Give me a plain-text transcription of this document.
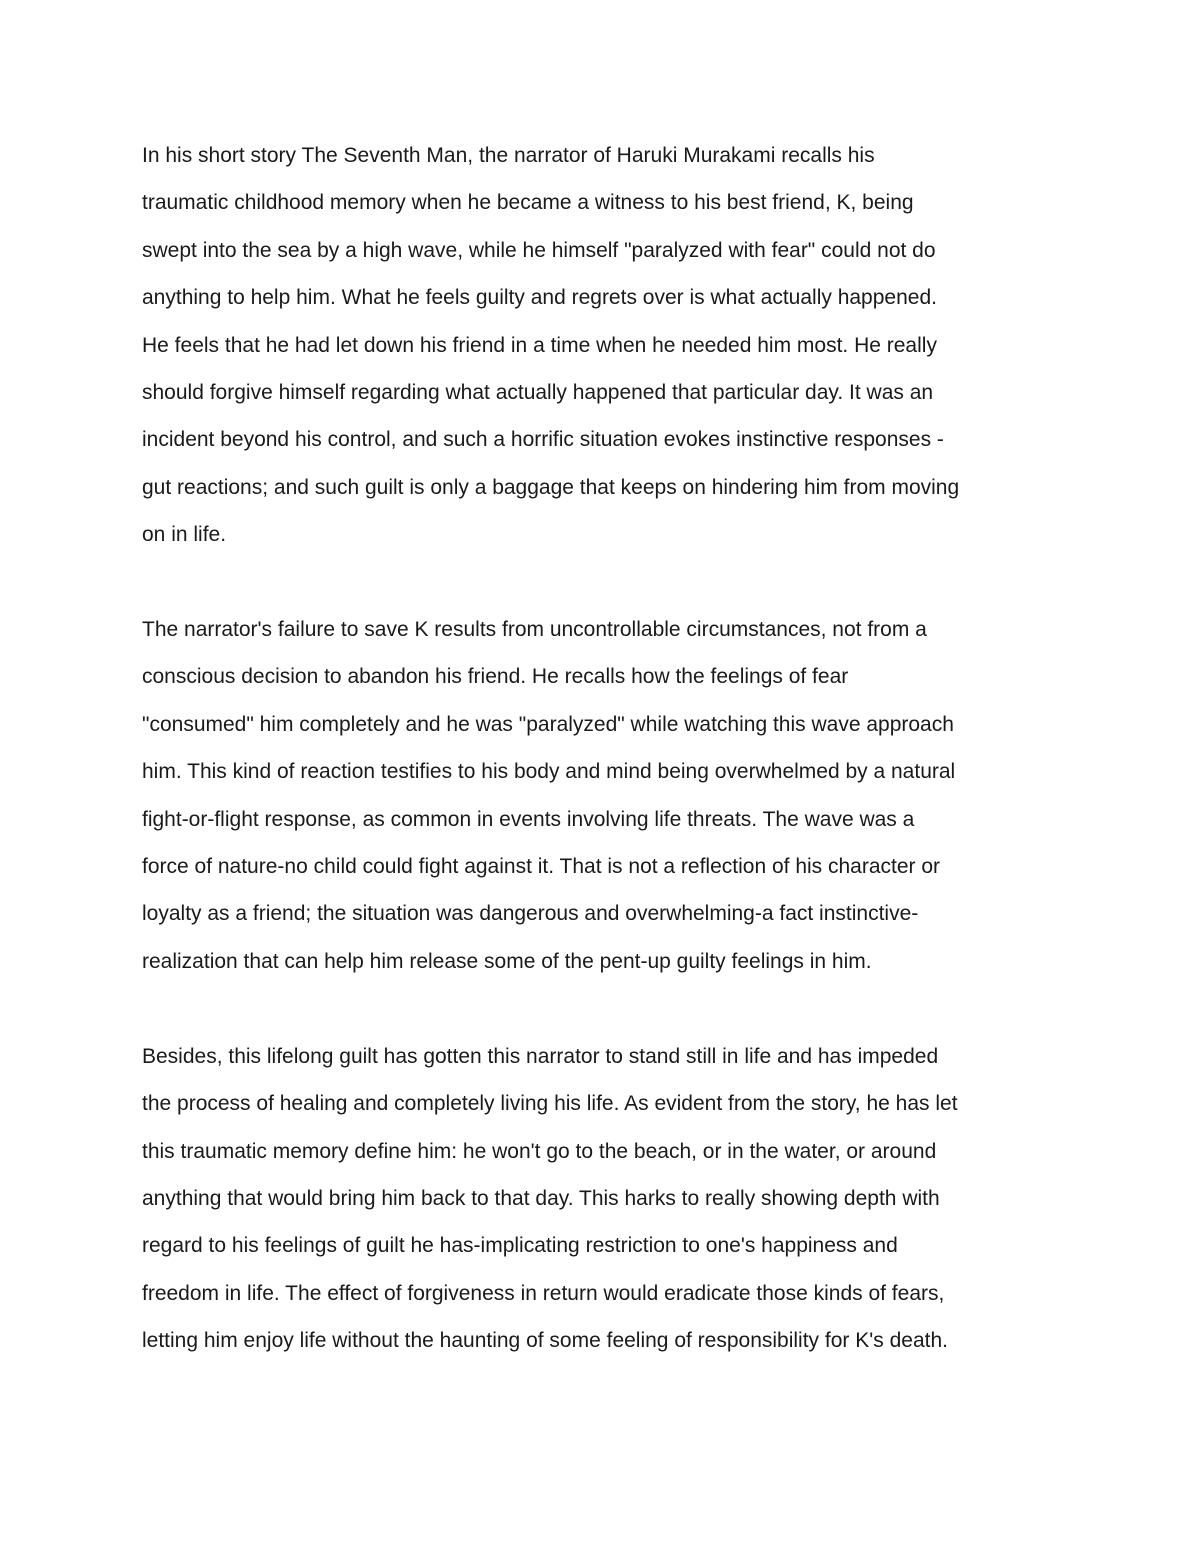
In his short story The Seventh Man, the narrator of Haruki Murakami recalls his
traumatic childhood memory when he became a witness to his best friend, K, being
swept into the sea by a high wave, while he himself "paralyzed with fear" could not do
anything to help him. What he feels guilty and regrets over is what actually happened.
He feels that he had let down his friend in a time when he needed him most. He really
should forgive himself regarding what actually happened that particular day. It was an
incident beyond his control, and such a horrific situation evokes instinctive responses -
gut reactions; and such guilt is only a baggage that keeps on hindering him from moving
on in life.

The narrator's failure to save K results from uncontrollable circumstances, not from a
conscious decision to abandon his friend. He recalls how the feelings of fear
"consumed" him completely and he was "paralyzed" while watching this wave approach
him. This kind of reaction testifies to his body and mind being overwhelmed by a natural
fight-or-flight response, as common in events involving life threats. The wave was a
force of nature-no child could fight against it. That is not a reflection of his character or
loyalty as a friend; the situation was dangerous and overwhelming-a fact instinctive-
realization that can help him release some of the pent-up guilty feelings in him.

Besides, this lifelong guilt has gotten this narrator to stand still in life and has impeded
the process of healing and completely living his life. As evident from the story, he has let
this traumatic memory define him: he won't go to the beach, or in the water, or around
anything that would bring him back to that day. This harks to really showing depth with
regard to his feelings of guilt he has-implicating restriction to one's happiness and
freedom in life. The effect of forgiveness in return would eradicate those kinds of fears,
letting him enjoy life without the haunting of some feeling of responsibility for K's death.
